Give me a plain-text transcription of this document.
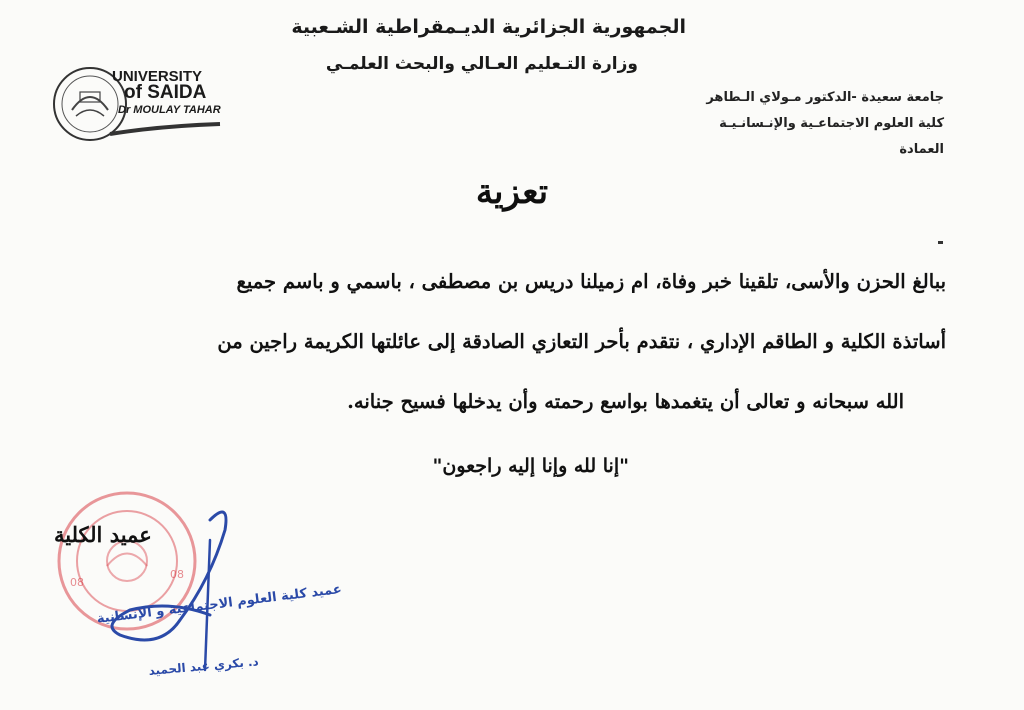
الجمهورية الجزائرية الديـمقراطية الشـعبية
وزارة التـعليم العـالي والبحث العلمـي
UNIVERSITY
of SAIDA
Dr MOULAY TAHAR
جامعة سعيدة -الدكتور مـولاي الـطاهر
كلية العلوم الاجتماعـية والإنـسانـيـة
العمادة
تعزية
ببالغ الحزن والأسى، تلقينا خبر وفاة، ام زميلنا دريس بن مصطفى ، باسمي و باسم جميع
أساتذة الكلية و الطاقم الإداري ، نتقدم بأحر التعازي الصادقة إلى عائلتها الكريمة راجين من
الله سبحانه و تعالى أن يتغمدها بواسع رحمته وأن يدخلها فسيح جنانه.
"إنا لله وإنا إليه راجعون"
08
08
عميد الكلية
عميد كلية العلوم الاجتماعية و الإنسانية
د. بكري عبد الحميد
